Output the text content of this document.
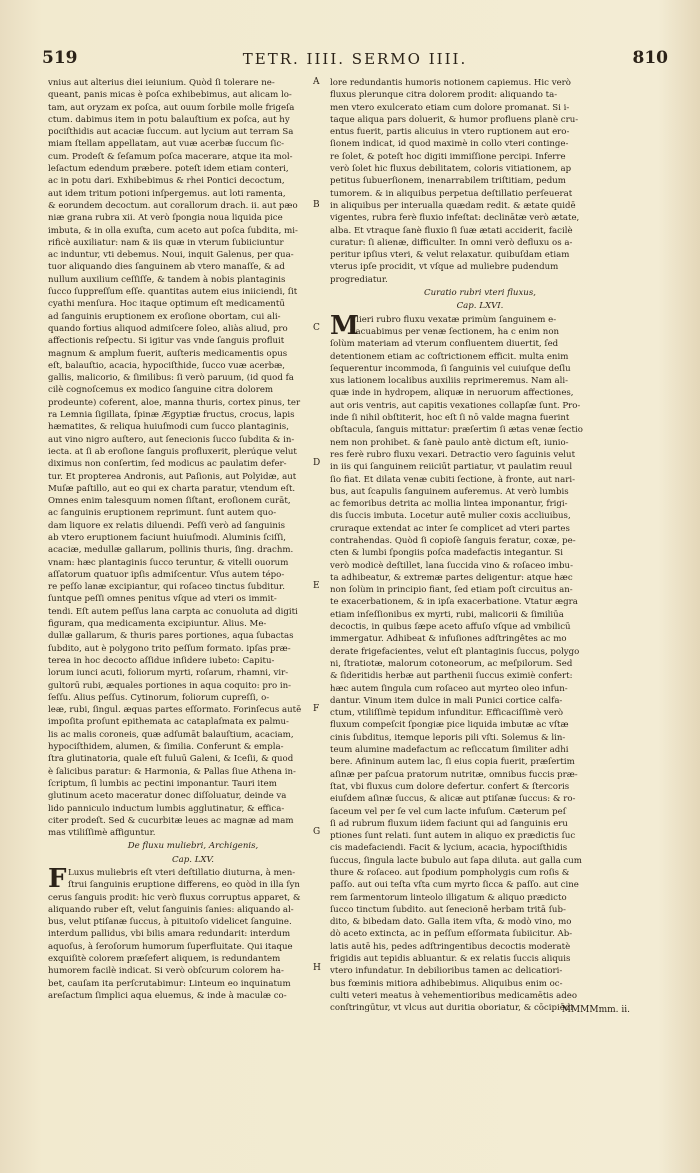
519	TETR. IIII. SERMO IIII.	810
vnius aut alterius diei ieiunium. Quòd ſi tolerare ne-
queant, panis micas è poſca exhibebimus, aut alicam lo-
tam, aut oryzam ex poſca, aut ouum ſorbile molle frigeſa
ctum. dabimus item in potu balauſtium ex poſca, aut hy
pociſthidis aut acaciæ ſuccum. aut lycium aut terram Sa
miam ſtellam appellatam, aut vuæ acerbæ ſuccum ſic-
cum. Prodeſt & ſeſamum poſca macerare, atque ita mol-
leſactum edendum præbere. poteſt idem etiam conteri,
ac in potu dari. Exhibebimus & rhei Pontici decoctum,
aut idem tritum potioni inſpergemus. aut loti ramenta,
& eorundem decoctum. aut corallorum drach. ii. aut pæo
niæ grana rubra xii. At verò ſpongia noua liquida pice
imbuta, & in olla exuſta, cum aceto aut poſca ſubdita, mi-
rificè auxiliatur: nam & iis quæ in vterum ſubiiciuntur
ac induntur, vti debemus. Noui, inquit Galenus, per qua-
tuor aliquando dies ſanguinem ab vtero manaſſe, & ad
nullum auxilium ceſſiſſe, & tandem à nobis plantaginis
ſucco ſuppreſſum eſſe. quantitas autem eius iniiciendi, ſit
cyathi menſura. Hoc itaque optimum eſt medicamentū
ad ſanguinis eruptionem ex eroſione obortam, cui ali-
quando fortius aliquod admiſcere ſoleo, aliàs aliud, pro
affectionis reſpectu. Si igitur vas vnde ſanguis profluit
magnum & amplum fuerit, auſteris medicamentis opus
eſt, balauſtio, acacia, hypociſthide, ſucco vuæ acerbæ,
gallis, malicorio, & ſimilibus: ſi verò paruum, (id quod fa
cilè cognoſcemus ex modico ſanguine citra dolorem
prodeunte) coferent, aloe, manna thuris, cortex pinus, ter
ra Lemnia ſigillata, ſpinæ Ægyptiæ fructus, crocus, lapis
hæmatites, & reliqua huiuſmodi cum ſucco plantaginis,
aut vino nigro auſtero, aut ſenecionis ſucco ſubdita & in-
iecta. at ſi ab eroſione ſanguis profluxerit, plerúque velut
diximus non conſertim, ſed modicus ac paulatim defer-
tur. Et propterea Andronis, aut Paſionis, aut Polyidæ, aut
Muſæ paſtillo, aut eo qui ex charta paratur, vtendum eſt.
Omnes enim talesquum nomen ſiſtant, eroſionem curāt,
ac ſanguinis eruptionem reprimunt. ſunt autem quo-
dam liquore ex relatis diluendi. Peſſi verò ad ſanguinis
ab vtero eruptionem faciunt huiuſmodi. Aluminis ſciſſi,
acaciæ, medullæ gallarum, pollinis thuris, ſing. drachm.
vnam: hæc plantaginis ſucco teruntur, & vitelli ouorum
aſſatorum quatuor ipſis admiſcentur. Vſus autem tépo-
re peſſo lanæ excipiantur, qui roſaceo tinctus ſubditur.
ſuntque peſſi omnes penitus vſque ad vteri os immit-
tendi. Eſt autem peſſus lana carpta ac conuoluta ad digiti
figuram, qua medicamenta excipiuntur. Alius. Me-
dullæ gallarum, & thuris pares portiones, aqua ſubactas
ſubdito, aut è polygono trito peſſum formato. ipſas præ-
terea in hoc decocto aſſidue inſidere iubeto: Capitu-
lorum iunci acuti, foliorum myrti, roſarum, rhamni, vir-
gultorū rubi, æquales portiones in aqua coquito: pro in-
ſeſſu. Alius peſſus. Cytinorum, foliorum cupreſſi, o-
leæ, rubi, ſingul. æquas partes eſſormato. Forinſecus autē
impoſita proſunt epithemata ac cataplaſmata ex palmu-
lis ac malis coroneis, quæ adſumāt balauſtium, acaciam,
hypociſthidem, alumen, & ſimilia. Conferunt & empla-
ſtra glutinatoria, quale eſt fuluū Galeni, & Iceſii, & quod
è ſalicibus paratur: & Harmonia, & Pallas ſiue Athena in-
ſcriptum, ſi lumbis ac pectini imponantur. Tauri item
glutinum aceto maceratur donec diſſoluatur, deinde va
lido panniculo inductum lumbis agglutinatur, & effica-
citer prodeſt. Sed & cucurbitæ leues ac magnæ ad mam
mas vtiliſſimè affiguntur.
De fluxu muliebri, Archigenis,
Cap. LXV.
F Luxus muliebris eſt vteri deſtillatio diuturna, à men-
ſtrui ſanguinis eruptione differens, eo quòd in illa ſyn
cerus ſanguis prodit: hic verò fluxus corruptus apparet, &
aliquando ruber eſt, velut ſanguinis ſanies: aliquando al-
bus, velut ptiſanæ ſuccus, à pituitoſo videlicet ſanguine.
interdum pallidus, vbi bilis amara redundarit: interdum
aquoſus, à ſeroſorum humorum ſuperfluitate. Qui itaque
exquiſitè colorem præſefert aliquem, is redundantem
humorem facilè indicat. Si verò obſcurum colorem ha-
bet, cauſam ita perſcrutabimur: Linteum eo inquinatum
areſactum ſimplici aqua eluemus, & inde à maculæ co-
A
B
C
D
E
F
G
H
lore redundantis humoris notionem capiemus. Hic verò
fluxus plerunque citra dolorem prodit: aliquando ta-
men vtero exulcerato etiam cum dolore promanat. Si i-
taque aliqua pars doluerit, & humor profluens planè cru-
entus fuerit, partis alicuius in vtero ruptionem aut ero-
ſionem indicat, id quod maximè in collo vteri continge-
re ſolet, & poteſt hoc digiti immiſſione percipi. Inferre
verò ſolet hic fluxus debilitatem, coloris vitiationem, ap
petitus ſubuerſionem, inenarrabilem triſtitiam, pedum
tumorem. & in aliquibus perpetua deſtillatio perſeuerat
in aliquibus per interualla quædam redit. & ætate quidē
vigentes, rubra ferè fluxio infeſtat: declinātæ verò ætate,
alba. Et vtraque ſanè fluxio ſi ſuæ ætati acciderit, facilè
curatur: ſi alienæ, difficulter. In omni verò defluxu os a-
peritur ipſius vteri, & velut relaxatur. quibuſdam etiam
vterus ipſe procidit, vt vſque ad muliebre pudendum
progrediatur.
Curatio rubri vteri fluxus,
Cap. LXVI.
M
Vlieri rubro fluxu vexatæ primùm ſanguinem e-
uacuabimus per venæ ſectionem, ha c enim non
ſolùm materiam ad vterum confluentem diuertit, ſed
detentionem etiam ac coſtrictionem efficit. multa enim
ſequerentur incommoda, ſi ſanguinis vel cuiuſque deſlu
xus lationem localibus auxiliis reprimeremus. Nam ali-
quæ inde in hydropem, aliquæ in neruorum affectiones,
aut oris ventris, aut capitis vexationes collapſæ ſunt. Pro-
inde ſi nihil obſtiterit, hoc eſt ſi nō valde magna fuerint
obſtacula, ſanguis mittatur: præſertim ſi ætas venæ ſectio
nem non prohibet. & ſanè paulo antè dictum eſt, iunio-
res ferè rubro fluxu vexari. Detractio vero ſaguinis velut
in iis qui ſanguinem reiiciūt partiatur, vt paulatim reuul
ſio fiat. Et dilata venæ cubiti ſectione, à fronte, aut nari-
bus, aut ſcapulis ſanguinem auferemus. At verò lumbis
ac femoribus detrita ac mollia lintea imponantur, frigi-
dis ſuccis imbuta. Locetur autē mulier coxis accliuibus,
cruraque extendat ac inter ſe complicet ad vteri partes
contrahendas. Quòd ſi copioſè ſanguis feratur, coxæ, pe-
cten & lumbi ſpongiis poſca madefactis integantur. Si
verò modicè deſtillet, lana ſuccida vino & roſaceo imbu-
ta adhibeatur, & extremæ partes deligentur: atque hæc
non ſolùm in principio fiant, ſed etiam poſt circuitus an-
te exacerbationem, & in ipſa exacerbatione. Vtatur ægra
etiam inſeſſionibus ex myrti, rubi, malicorii & ſimiliūa
decoctis, in quibus ſæpe aceto affuſo vſque ad vmbilicū
immergatur. Adhibeat & infuſiones adſtringêtes ac mo
derate frigefacientes, velut eſt plantaginis ſuccus, polygo
ni, ſtratiotæ, malorum cotoneorum, ac meſpilorum. Sed
& ſideritidis herbæ aut parthenii ſuccus eximiè confert:
hæc autem ſingula cum roſaceo aut myrteo oleo infun-
dantur. Vinum item dulce in mali Punici cortice calfa-
ctum, vtiliſſimè tepidum infunditur. Efficaciſſimè verò
fluxum compeſcit ſpongiæ pice liquida imbutæ ac vſtæ
cinis ſubditus, itemque leporis pili vſti. Solemus & lin-
teum alumine madefactum ac reſiccatum ſimiliter adhi
bere. Afininum autem lac, ſi eius copia fuerit, præſertim
aſinæ per paſcua pratorum nutritæ, omnibus fuccis præ-
ſtat, vbi fluxus cum dolore defertur. confert & ſtercoris
eiuſdem aſinæ ſuccus, & alicæ aut ptiſanæ ſuccus: & ro-
ſaceum vel per ſe vel cum lacte infuſum. Cæterum peſ
ſi ad rubrum fluxum iidem faciunt qui ad ſanguinis eru
ptiones ſunt relati. ſunt autem in aliquo ex prædictis ſuc
cis madefaciendi. Facit & lycium, acacia, hypociſthidis
ſuccus, ſingula lacte bubulo aut ſapa diluta. aut galla cum
thure & roſaceo. aut ſpodium pompholygis cum roſis &
paſſo. aut oui teſta vſta cum myrto ſicca & paſſo. aut cine
rem ſarmentorum linteolo illigatum & aliquo prædicto
ſucco tinctum ſubdito. aut ſenecionē herbam tritā ſub-
dito, & bibedam dato. Galla item vſta, & modò vino, mo
dò aceto extincta, ac in peſſum eſſormata ſubiicitur. Ab-
latis autē his, pedes adſtringentibus decoctis moderatè
frigidis aut tepidis abluantur. & ex relatis ſuccis aliquis
vtero infundatur. In debilioribus tamen ac delicatiori-
bus fœminis mitiora adhibebimus. Aliquibus enim oc-
culti veteri meatus à vehementioribus medicamētis adeo
conſtringūtur, vt vlcus aut duritia oboriatur, & cōcipiēdi
MMMMmm. ii.
